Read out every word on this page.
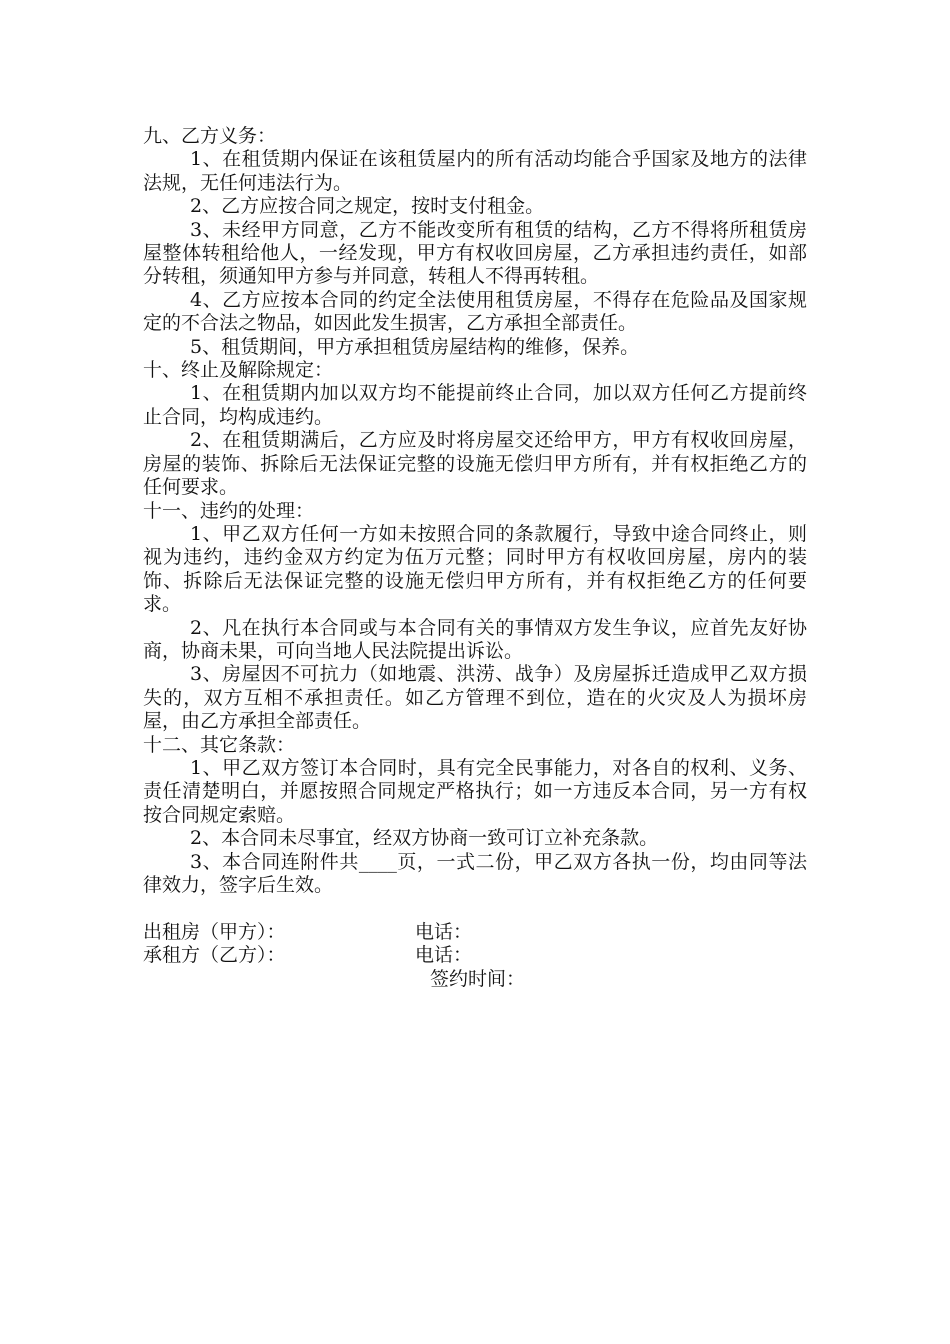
九、乙方义务：

1、在租赁期内保证在该租赁屋内的所有活动均能合乎国家及地方的法律法规，无任何违法行为。

2、乙方应按合同之规定，按时支付租金。

3、未经甲方同意，乙方不能改变所有租赁的结构，乙方不得将所租赁房屋整体转租给他人，一经发现，甲方有权收回房屋，乙方承担违约责任，如部分转租，须通知甲方参与并同意，转租人不得再转租。

4、乙方应按本合同的约定全法使用租赁房屋，不得存在危险品及国家规定的不合法之物品，如因此发生损害，乙方承担全部责任。

5、租赁期间，甲方承担租赁房屋结构的维修，保养。

十、终止及解除规定：

1、在租赁期内加以双方均不能提前终止合同，加以双方任何乙方提前终止合同，均构成违约。

2、在租赁期满后，乙方应及时将房屋交还给甲方，甲方有权收回房屋，房屋的装饰、拆除后无法保证完整的设施无偿归甲方所有，并有权拒绝乙方的任何要求。

十一、违约的处理：

1、甲乙双方任何一方如未按照合同的条款履行，导致中途合同终止，则视为违约，违约金双方约定为伍万元整；同时甲方有权收回房屋，房内的装饰、拆除后无法保证完整的设施无偿归甲方所有，并有权拒绝乙方的任何要求。

2、凡在执行本合同或与本合同有关的事情双方发生争议，应首先友好协商，协商未果，可向当地人民法院提出诉讼。

3、房屋因不可抗力（如地震、洪涝、战争）及房屋拆迁造成甲乙双方损失的，双方互相不承担责任。如乙方管理不到位，造在的火灾及人为损坏房屋，由乙方承担全部责任。

十二、其它条款：

1、甲乙双方签订本合同时，具有完全民事能力，对各自的权利、义务、责任清楚明白，并愿按照合同规定严格执行；如一方违反本合同，另一方有权按合同规定索赔。

2、本合同未尽事宜，经双方协商一致可订立补充条款。

3、本合同连附件共____页，一式二份，甲乙双方各执一份，均由同等法律效力，签字后生效。

出租房（甲方）：	电话：
承租方（乙方）：	电话：
签约时间：
